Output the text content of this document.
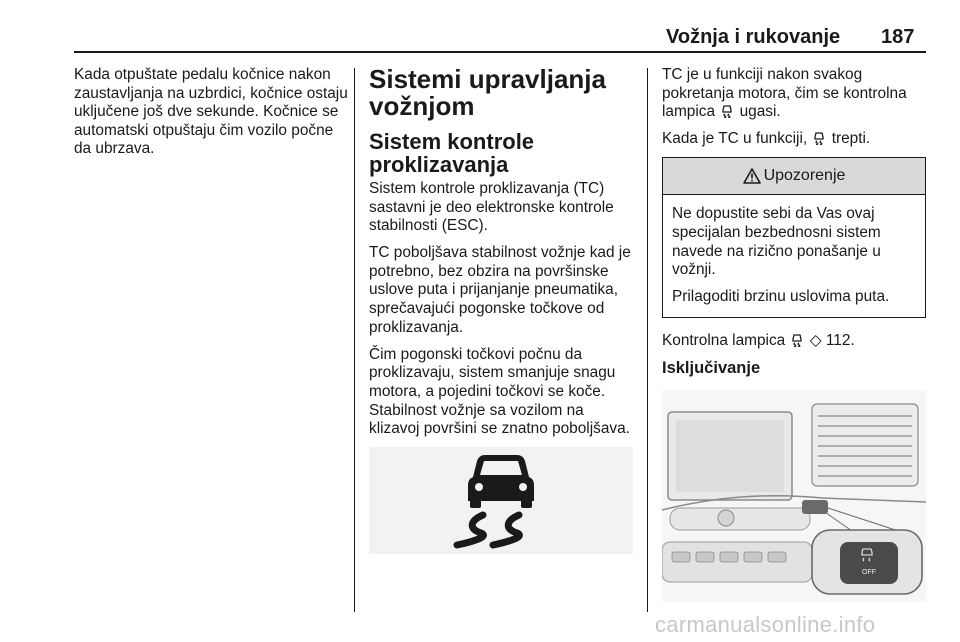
Vožnja i rukovanje 187

Kada otpuštate pedalu kočnice nakon zaustavljanja na uzbrdici, kočnice ostaju uključene još dve sekunde. Kočnice se automatski otpuštaju čim vozilo počne da ubrzava.

Sistemi upravljanja vožnjom
Sistem kontrole proklizavanja

Sistem kontrole proklizavanja (TC) sastavni je deo elektronske kontrole stabilnosti (ESC).

TC poboljšava stabilnost vožnje kad je potrebno, bez obzira na površinske uslove puta i prijanjanje pneumatika, sprečavajući pogonske točkove od proklizavanja.

Čim pogonski točkovi počnu da proklizavaju, sistem smanjuje snagu motora, a pojedini točkovi se koče. Stabilnost vožnje sa vozilom na klizavoj površini se znatno poboljšava.

TC je u funkciji nakon svakog pokretanja motora, čim se kontrolna lampica ugasi.

Kada je TC u funkciji, trepti.

Upozorenje

Ne dopustite sebi da Vas ovaj specijalan bezbednosni sistem navede na rizično ponašanje u vožnji.

Prilagoditi brzinu uslovima puta.

Kontrolna lampica ◇ 112.

Isključivanje
OFF
carmanualsonline.info
